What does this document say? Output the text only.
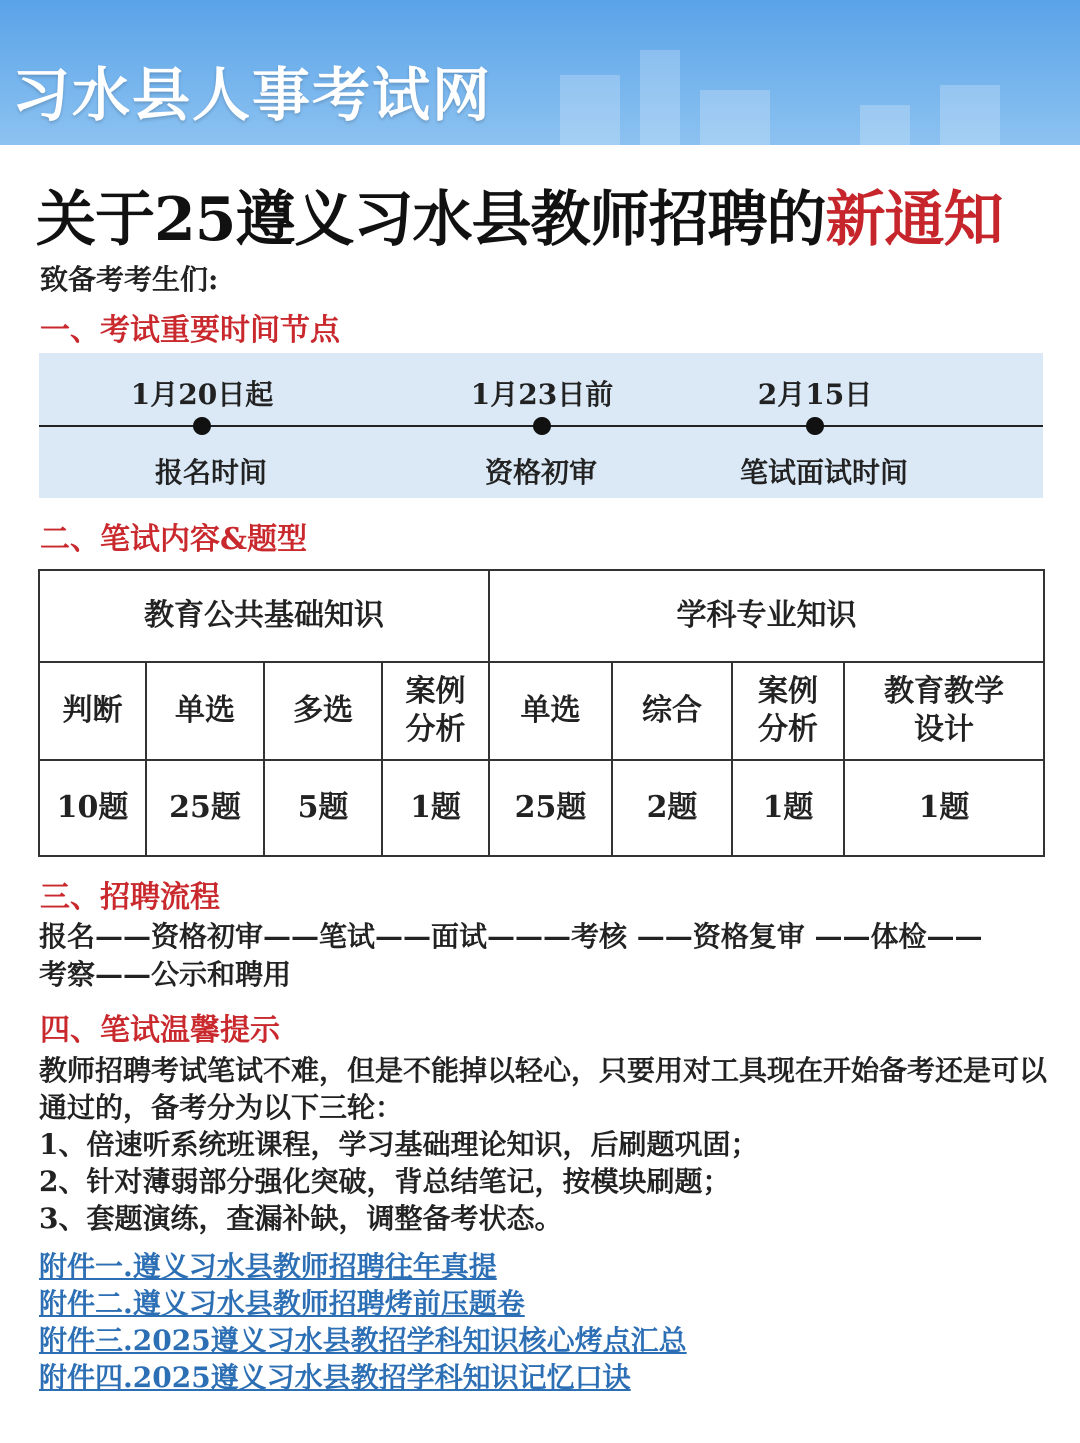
习水县人事考试网
关于25遵义习水县教师招聘的新通知
致备考考生们:
一、考试重要时间节点
1月20日起
报名时间
1月23日前
资格初审
2月15日
笔试面试时间
二、笔试内容&题型
教育公共基础知识				学科专业知识			
判断	单选	多选	案例分析	单选	综合	案例分析	教育教学设计
10题	25题	5题	1题	25题	2题	1题	1题
三、招聘流程
报名——资格初审——笔试——面试———考核 ——资格复审 ——体检——
考察——公示和聘用
四、笔试温馨提示
教师招聘考试笔试不难，但是不能掉以轻心，只要用对工具现在开始备考还是可以通过的，备考分为以下三轮：
1、倍速听系统班课程，学习基础理论知识，后刷题巩固；
2、针对薄弱部分强化突破，背总结笔记，按模块刷题；
3、套题演练，查漏补缺，调整备考状态。
附件一.遵义习水县教师招聘往年真提
附件二.遵义习水县教师招聘烤前压题卷
附件三.2025遵义习水县教招学科知识核心烤点汇总
附件四.2025遵义习水县教招学科知识记忆口诀
